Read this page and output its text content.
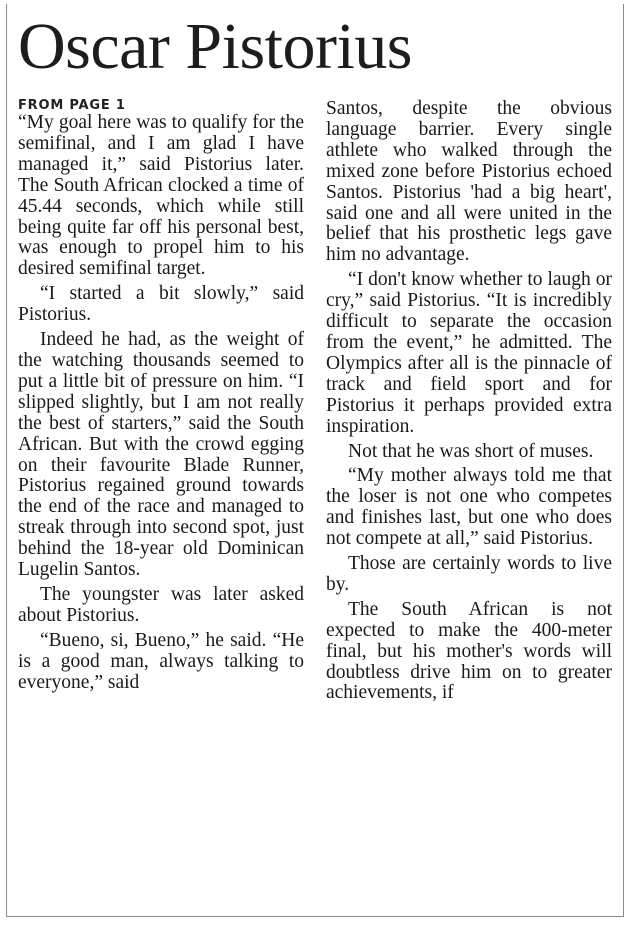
Oscar Pistorius
FROM PAGE 1

“My goal here was to qualify for the semifinal, and I am glad I have managed it,” said Pistorius later. The South African clocked a time of 45.44 seconds, which while still being quite far off his personal best, was enough to propel him to his desired semifinal target.

“I started a bit slowly,” said Pistorius.

Indeed he had, as the weight of the watching thousands seemed to put a little bit of pressure on him. “I slipped slightly, but I am not really the best of starters,” said the South African. But with the crowd egging on their favourite Blade Runner, Pistorius regained ground towards the end of the race and managed to streak through into second spot, just behind the 18-year old Dominican Lugelin Santos.

The youngster was later asked about Pistorius.

“Bueno, si, Bueno,” he said. “He is a good man, always talking to everyone,” said

Santos, despite the obvious language barrier. Every single athlete who walked through the mixed zone before Pistorius echoed Santos. Pistorius 'had a big heart', said one and all were united in the belief that his prosthetic legs gave him no advantage.

“I don't know whether to laugh or cry,” said Pistorius. “It is incredibly difficult to separate the occasion from the event,” he admitted. The Olympics after all is the pinnacle of track and field sport and for Pistorius it perhaps provided extra inspiration.

Not that he was short of muses.

“My mother always told me that the loser is not one who competes and finishes last, but one who does not compete at all,” said Pistorius.

Those are certainly words to live by.

The South African is not expected to make the 400-meter final, but his mother's words will doubtless drive him on to greater achievements, if
